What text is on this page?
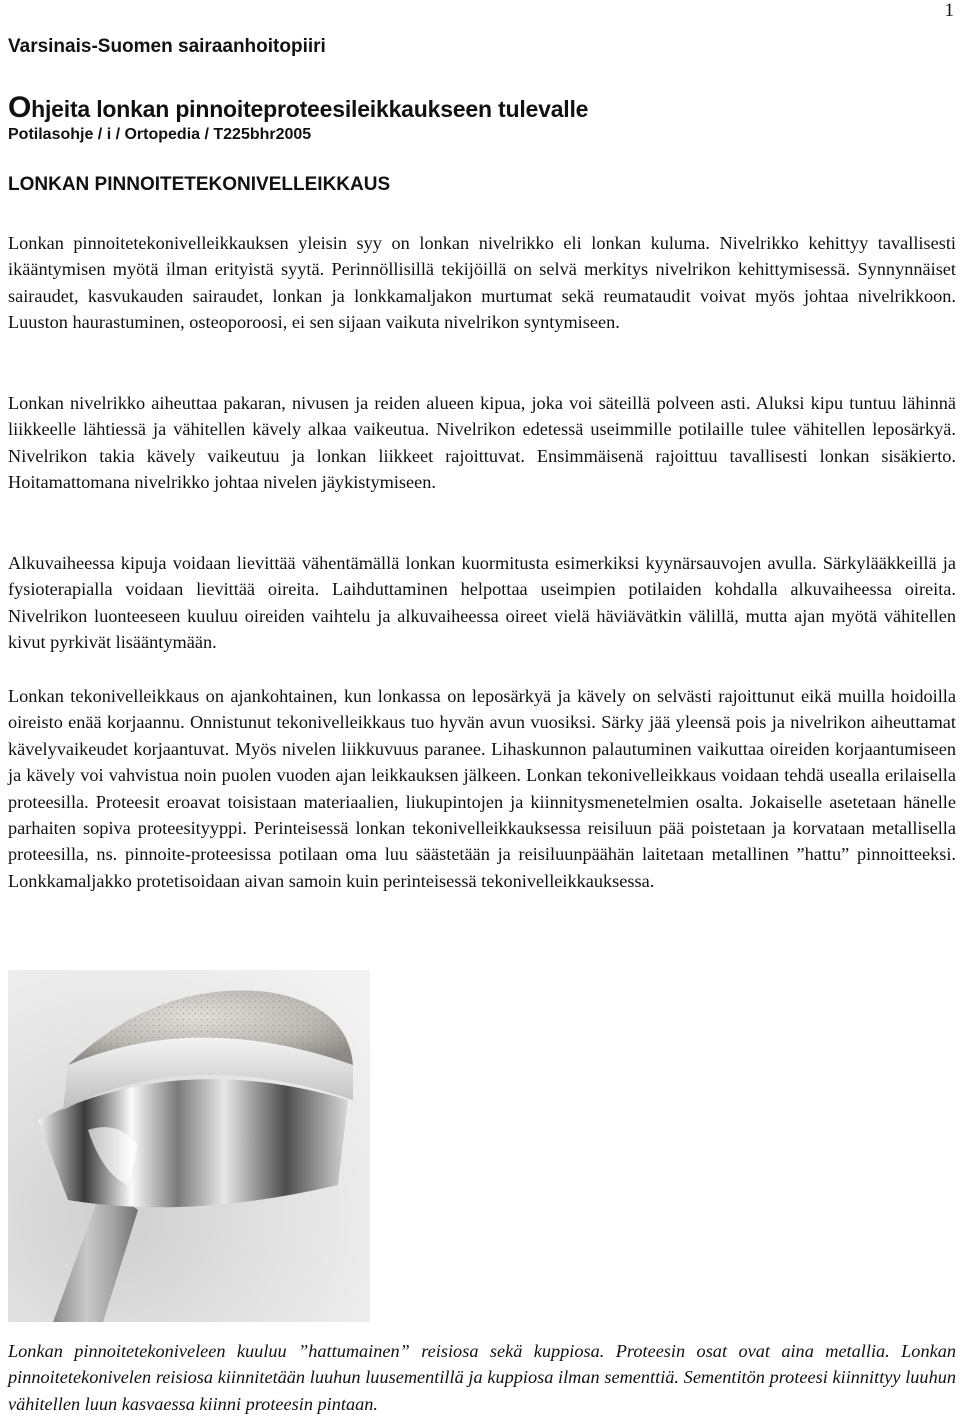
1
Varsinais-Suomen sairaanhoitopiiri
Ohjeita lonkan pinnoiteproteesileikkaukseen tulevalle
Potilasohje / i / Ortopedia / T225bhr2005
LONKAN PINNOITETEKONIVELLEIKKAUS

Lonkan pinnoitetekonivelleikkauksen yleisin syy on lonkan nivelrikko eli lonkan kuluma. Nivelrikko kehittyy tavallisesti ikääntymisen myötä ilman erityistä syytä. Perinnöllisillä tekijöillä on selvä merkitys nivelrikon kehittymisessä. Synnynnäiset sairaudet, kasvukauden sairaudet, lonkan ja lonkkamaljakon murtumat sekä reumataudit voivat myös johtaa nivelrikkoon. Luuston haurastuminen, osteoporoosi, ei sen sijaan vaikuta nivelrikon syntymiseen.

Lonkan nivelrikko aiheuttaa pakaran, nivusen ja reiden alueen kipua, joka voi säteillä polveen asti. Aluksi kipu tuntuu lähinnä liikkeelle lähtiessä ja vähitellen kävely alkaa vaikeutua. Nivelrikon edetessä useimmille potilaille tulee vähitellen leposärkyä. Nivelrikon takia kävely vaikeutuu ja lonkan liikkeet rajoittuvat. Ensimmäisenä rajoittuu tavallisesti lonkan sisäkierto. Hoitamattomana nivelrikko johtaa nivelen jäykistymiseen.

Alkuvaiheessa kipuja voidaan lievittää vähentämällä lonkan kuormitusta esimerkiksi kyynärsauvojen avulla. Särkylääkkeillä ja fysioterapialla voidaan lievittää oireita. Laihduttaminen helpottaa useimpien potilaiden kohdalla alkuvaiheessa oireita. Nivelrikon luonteeseen kuuluu oireiden vaihtelu ja alkuvaiheessa oireet vielä häviävätkin välillä, mutta ajan myötä vähitellen kivut pyrkivät lisääntymään.

Lonkan tekonivelleikkaus on ajankohtainen, kun lonkassa on leposärkyä ja kävely on selvästi rajoittunut eikä muilla hoidoilla oireisto enää korjaannu. Onnistunut tekonivelleikkaus tuo hyvän avun vuosiksi. Särky jää yleensä pois ja nivelrikon aiheuttamat kävelyvaikeudet korjaantuvat. Myös nivelen liikkuvuus paranee. Lihaskunnon palautuminen vaikuttaa oireiden korjaantumiseen ja kävely voi vahvistua noin puolen vuoden ajan leikkauksen jälkeen. Lonkan tekonivelleikkaus voidaan tehdä usealla erilaisella proteesilla. Proteesit eroavat toisistaan materiaalien, liukupintojen ja kiinnitysmenetelmien osalta. Jokaiselle asetetaan hänelle parhaiten sopiva proteesityyppi. Perinteisessä lonkan tekonivelleikkauksessa reisiluun pää poistetaan ja korvataan metallisella proteesilla, ns. pinnoite-proteesissa potilaan oma luu säästetään ja reisiluunpäähän laitetaan metallinen ”hattu” pinnoitteeksi. Lonkkamaljakko protetisoidaan aivan samoin kuin perinteisessä tekonivelleikkauksessa.

Lonkan pinnoitetekoniveleen kuuluu ”hattumainen” reisiosa sekä kuppiosa. Proteesin osat ovat aina metallia. Lonkan pinnoitetekonivelen reisiosa kiinnitetään luuhun luusementillä ja kuppiosa ilman sementtiä. Sementitön proteesi kiinnittyy luuhun vähitellen luun kasvaessa kiinni proteesin pintaan.
